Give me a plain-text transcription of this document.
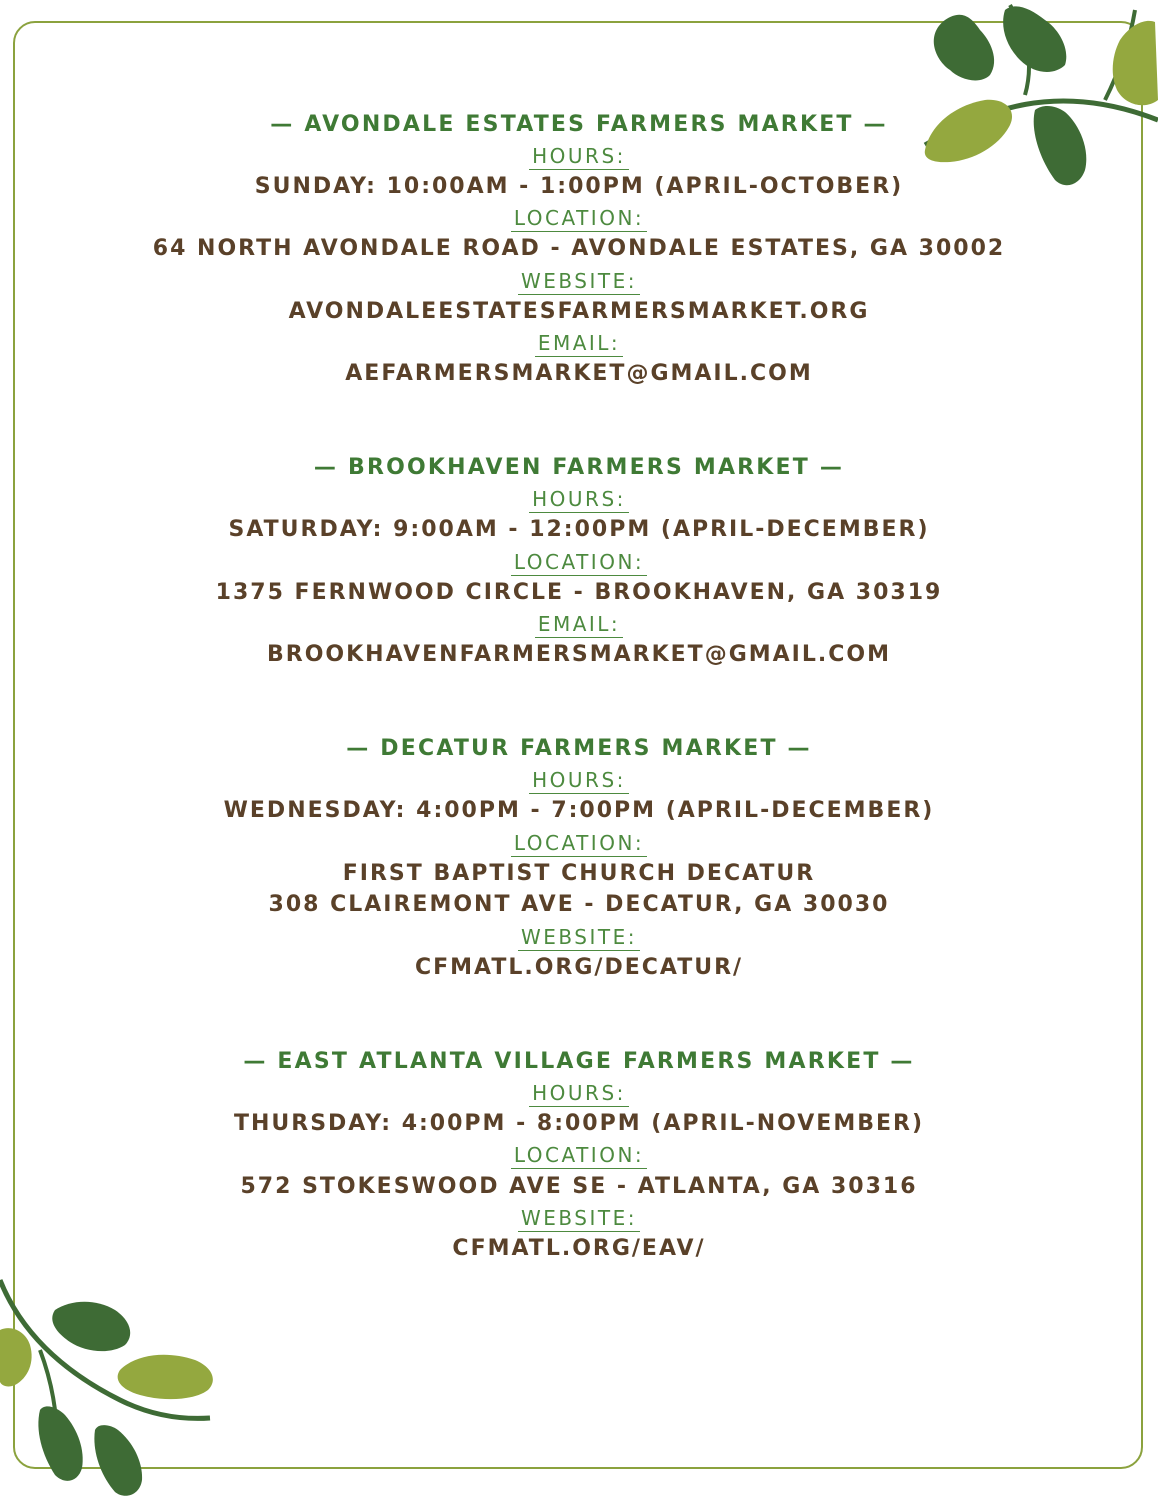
— AVONDALE ESTATES FARMERS MARKET —
HOURS:
SUNDAY: 10:00AM - 1:00PM (APRIL-OCTOBER)
LOCATION:
64 NORTH AVONDALE ROAD - AVONDALE ESTATES, GA 30002
WEBSITE:
AVONDALEESTATESFARMERSMARKET.ORG
EMAIL:
AEFARMERSMARKET@GMAIL.COM
— BROOKHAVEN FARMERS MARKET —
HOURS:
SATURDAY: 9:00AM - 12:00PM (APRIL-DECEMBER)
LOCATION:
1375 FERNWOOD CIRCLE - BROOKHAVEN, GA 30319
EMAIL:
BROOKHAVENFARMERSMARKET@GMAIL.COM
— DECATUR FARMERS MARKET —
HOURS:
WEDNESDAY: 4:00PM - 7:00PM (APRIL-DECEMBER)
LOCATION:
FIRST BAPTIST CHURCH DECATUR
308 CLAIREMONT AVE - DECATUR, GA 30030
WEBSITE:
CFMATL.ORG/DECATUR/
— EAST ATLANTA VILLAGE FARMERS MARKET —
HOURS:
THURSDAY: 4:00PM - 8:00PM (APRIL-NOVEMBER)
LOCATION:
572 STOKESWOOD AVE SE - ATLANTA, GA 30316
WEBSITE:
CFMATL.ORG/EAV/
